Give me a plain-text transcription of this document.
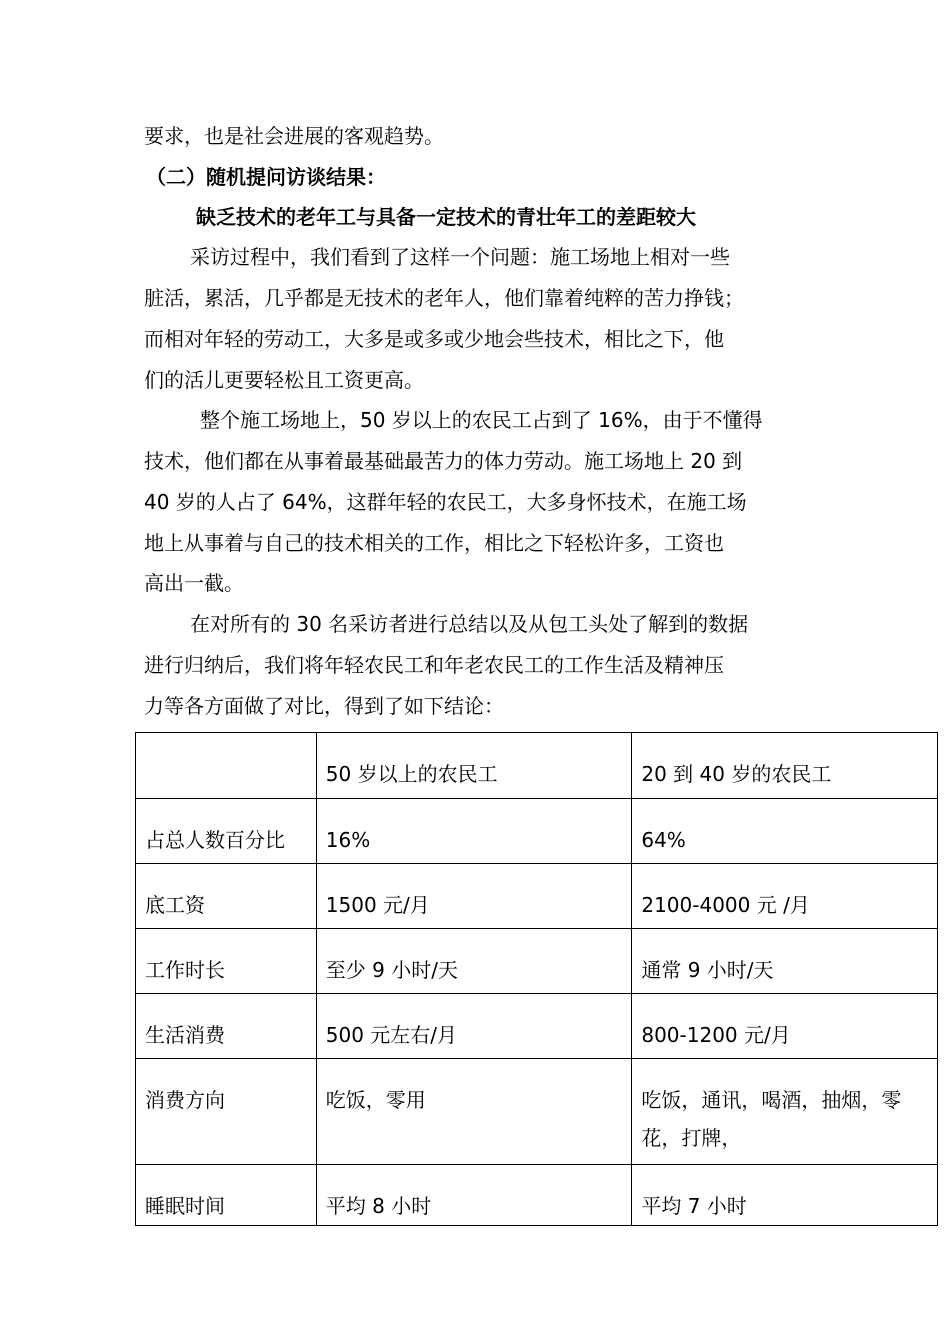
要求，也是社会进展的客观趋势。

（二）随机提问访谈结果：

缺乏技术的老年工与具备一定技术的青壮年工的差距较大

采访过程中，我们看到了这样一个问题：施工场地上相对一些

脏活，累活，几乎都是无技术的老年人，他们靠着纯粹的苦力挣钱；

而相对年轻的劳动工，大多是或多或少地会些技术，相比之下，他

们的活儿更要轻松且工资更高。

整个施工场地上，50 岁以上的农民工占到了 16%，由于不懂得

技术，他们都在从事着最基础最苦力的体力劳动。施工场地上 20 到

40 岁的人占了 64%，这群年轻的农民工，大多身怀技术，在施工场

地上从事着与自己的技术相关的工作，相比之下轻松许多，工资也

高出一截。

在对所有的 30 名采访者进行总结以及从包工头处了解到的数据

进行归纳后，我们将年轻农民工和年老农民工的工作生活及精神压

力等各方面做了对比，得到了如下结论：

	50 岁以上的农民工	20 到 40 岁的农民工
占总人数百分比	16%	64%
底工资	1500 元/月	2100-4000 元 /月
工作时长	至少 9 小时/天	通常 9 小时/天
生活消费	500 元左右/月	800-1200 元/月
消费方向	吃饭，零用	吃饭，通讯，喝酒，抽烟，零花，打牌，
睡眠时间	平均 8 小时	平均 7 小时
